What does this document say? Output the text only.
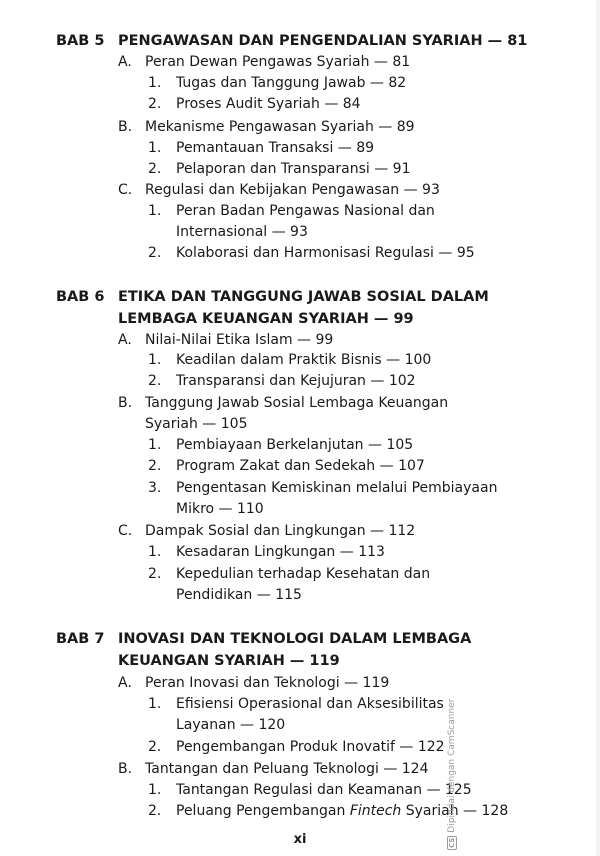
BAB 5 PENGAWASAN DAN PENGENDALIAN SYARIAH — 81
A. Peran Dewan Pengawas Syariah — 81
1. Tugas dan Tanggung Jawab — 82
2. Proses Audit Syariah — 84
B. Mekanisme Pengawasan Syariah — 89
1. Pemantauan Transaksi — 89
2. Pelaporan dan Transparansi — 91
C. Regulasi dan Kebijakan Pengawasan — 93
1. Peran Badan Pengawas Nasional dan
Internasional — 93
2. Kolaborasi dan Harmonisasi Regulasi — 95
BAB 6 ETIKA DAN TANGGUNG JAWAB SOSIAL DALAM
LEMBAGA KEUANGAN SYARIAH — 99
A. Nilai-Nilai Etika Islam — 99
1. Keadilan dalam Praktik Bisnis — 100
2. Transparansi dan Kejujuran — 102
B. Tanggung Jawab Sosial Lembaga Keuangan
Syariah — 105
1. Pembiayaan Berkelanjutan — 105
2. Program Zakat dan Sedekah — 107
3. Pengentasan Kemiskinan melalui Pembiayaan
Mikro — 110
C. Dampak Sosial dan Lingkungan — 112
1. Kesadaran Lingkungan — 113
2. Kepedulian terhadap Kesehatan dan
Pendidikan — 115
BAB 7 INOVASI DAN TEKNOLOGI DALAM LEMBAGA
KEUANGAN SYARIAH — 119
A. Peran Inovasi dan Teknologi — 119
1. Efisiensi Operasional dan Aksesibilitas
Layanan — 120
2. Pengembangan Produk Inovatif — 122
B. Tantangan dan Peluang Teknologi — 124
1. Tantangan Regulasi dan Keamanan — 125
2. Peluang Pengembangan Fintech Syariah — 128
xi	CSDipindai dengan CamScanner
